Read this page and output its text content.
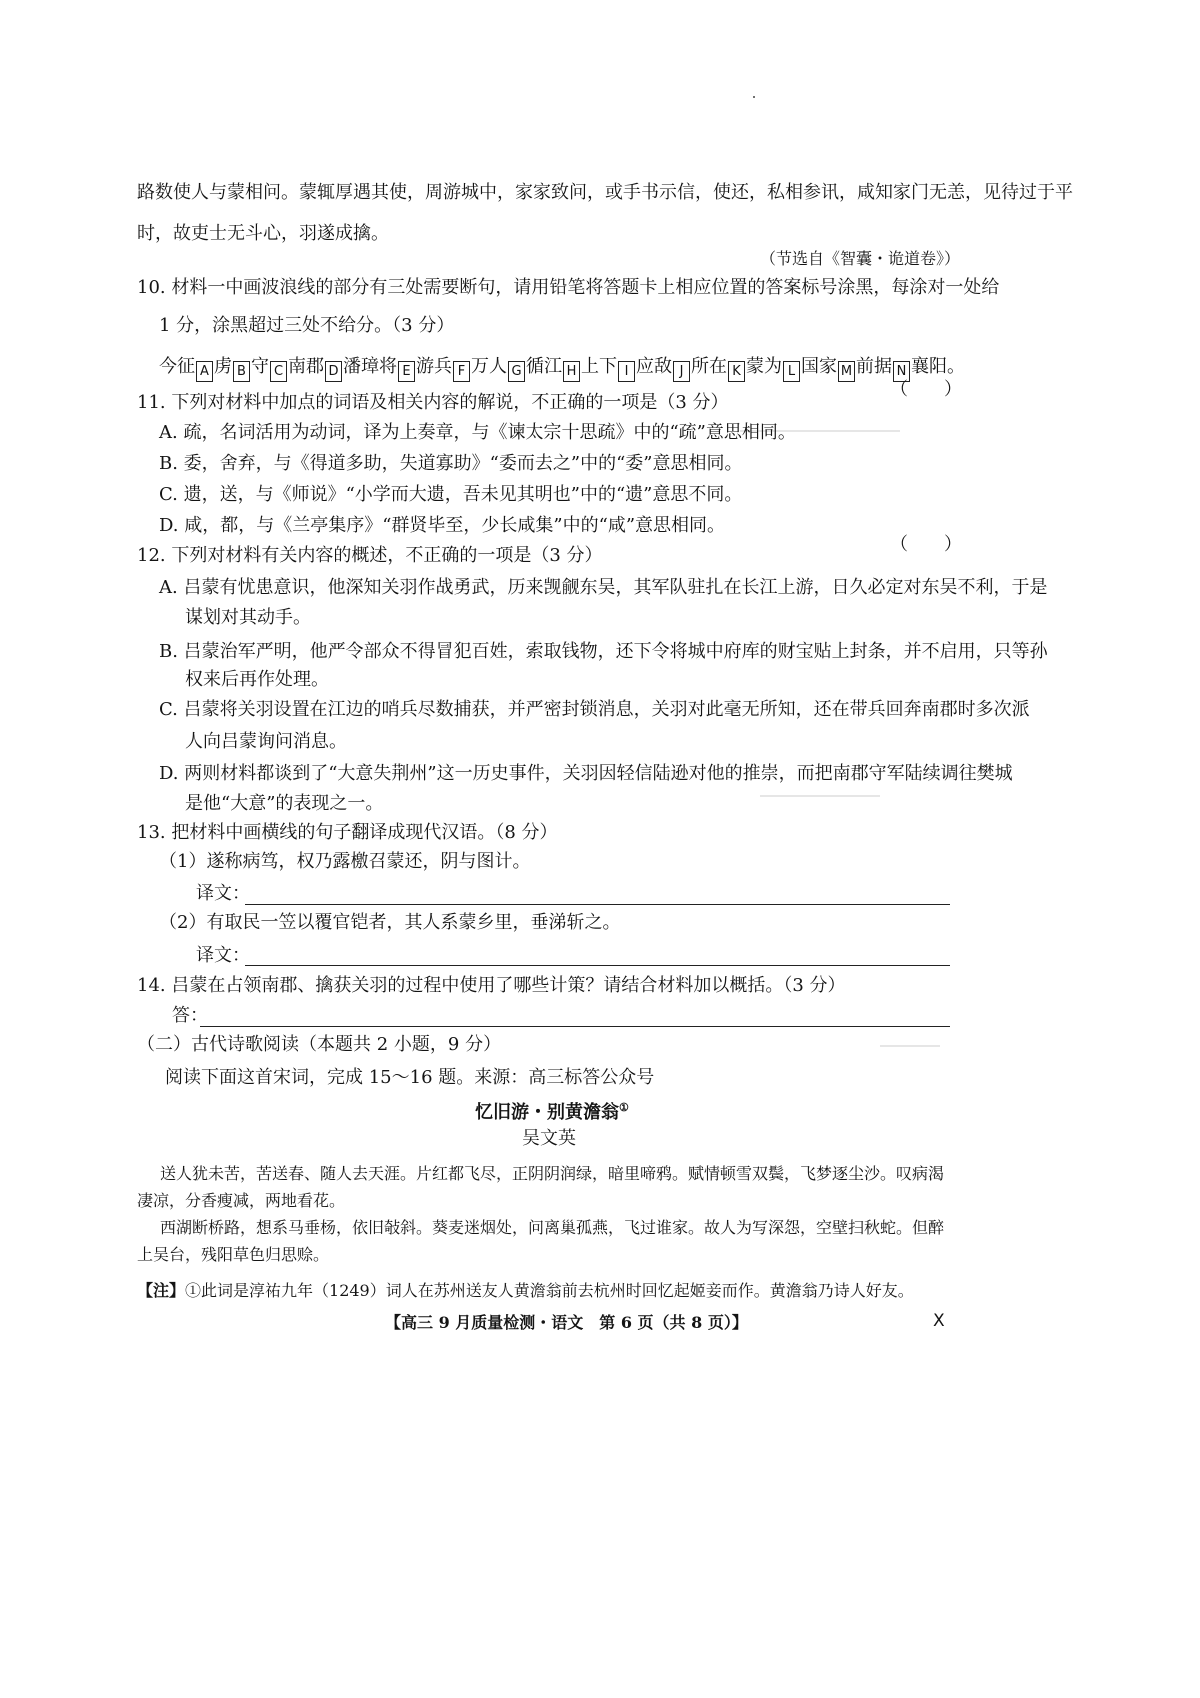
路数使人与蒙相问。蒙辄厚遇其使，周游城中，家家致问，或手书示信，使还，私相参讯，咸知家门无恙，见待过于平
时，故吏士无斗心，羽遂成擒。
（节选自《智囊・诡道卷》）
10. 材料一中画波浪线的部分有三处需要断句，请用铅笔将答题卡上相应位置的答案标号涂黑，每涂对一处给
1 分，涂黑超过三处不给分。（3 分）
今征 A 虏 B 守 C 南郡 D 潘璋将 E 游兵 F 万人 G 循江 H 上下 I 应敌 J 所在 K 蒙为 L 国家 M 前据 N 襄阳。
11. 下列对材料中加点的词语及相关内容的解说，不正确的一项是（3 分）
（　　）
A. 疏，名词活用为动词，译为上奏章，与《谏太宗十思疏》中的“疏”意思相同。
B. 委，舍弃，与《得道多助，失道寡助》“委而去之”中的“委”意思相同。
C. 遗，送，与《师说》“小学而大遗，吾未见其明也”中的“遗”意思不同。
D. 咸，都，与《兰亭集序》“群贤毕至，少长咸集”中的“咸”意思相同。
12. 下列对材料有关内容的概述，不正确的一项是（3 分）
（　　）
A. 吕蒙有忧患意识，他深知关羽作战勇武，历来觊觎东吴，其军队驻扎在长江上游，日久必定对东吴不利，于是
谋划对其动手。
B. 吕蒙治军严明，他严令部众不得冒犯百姓，索取钱物，还下令将城中府库的财宝贴上封条，并不启用，只等孙
权来后再作处理。
C. 吕蒙将关羽设置在江边的哨兵尽数捕获，并严密封锁消息，关羽对此毫无所知，还在带兵回奔南郡时多次派
人向吕蒙询问消息。
D. 两则材料都谈到了“大意失荆州”这一历史事件，关羽因轻信陆逊对他的推崇，而把南郡守军陆续调往樊城
是他“大意”的表现之一。
13. 把材料中画横线的句子翻译成现代汉语。（8 分）
（1）遂称病笃，权乃露檄召蒙还，阴与图计。
译文：
（2）有取民一笠以覆官铠者，其人系蒙乡里，垂涕斩之。
译文：
14. 吕蒙在占领南郡、擒获关羽的过程中使用了哪些计策？请结合材料加以概括。（3 分）
答：
（二）古代诗歌阅读（本题共 2 小题，9 分）
阅读下面这首宋词，完成 15～16 题。来源：高三标答公众号
忆旧游・别黄澹翁①
吴文英
送人犹未苦，苦送春、随人去天涯。片红都飞尽，正阴阴润绿，暗里啼鸦。赋情顿雪双鬓，飞梦逐尘沙。叹病渴
凄凉，分香瘦减，两地看花。
西湖断桥路，想系马垂杨，依旧敧斜。葵麦迷烟处，问离巢孤燕，飞过谁家。故人为写深怨，空壁扫秋蛇。但醉
上吴台，残阳草色归思赊。
【注】①此词是淳祐九年（1249）词人在苏州送友人黄澹翁前去杭州时回忆起姬妾而作。黄澹翁乃诗人好友。
【高三 9 月质量检测・语文　第 6 页（共 8 页）】	X
